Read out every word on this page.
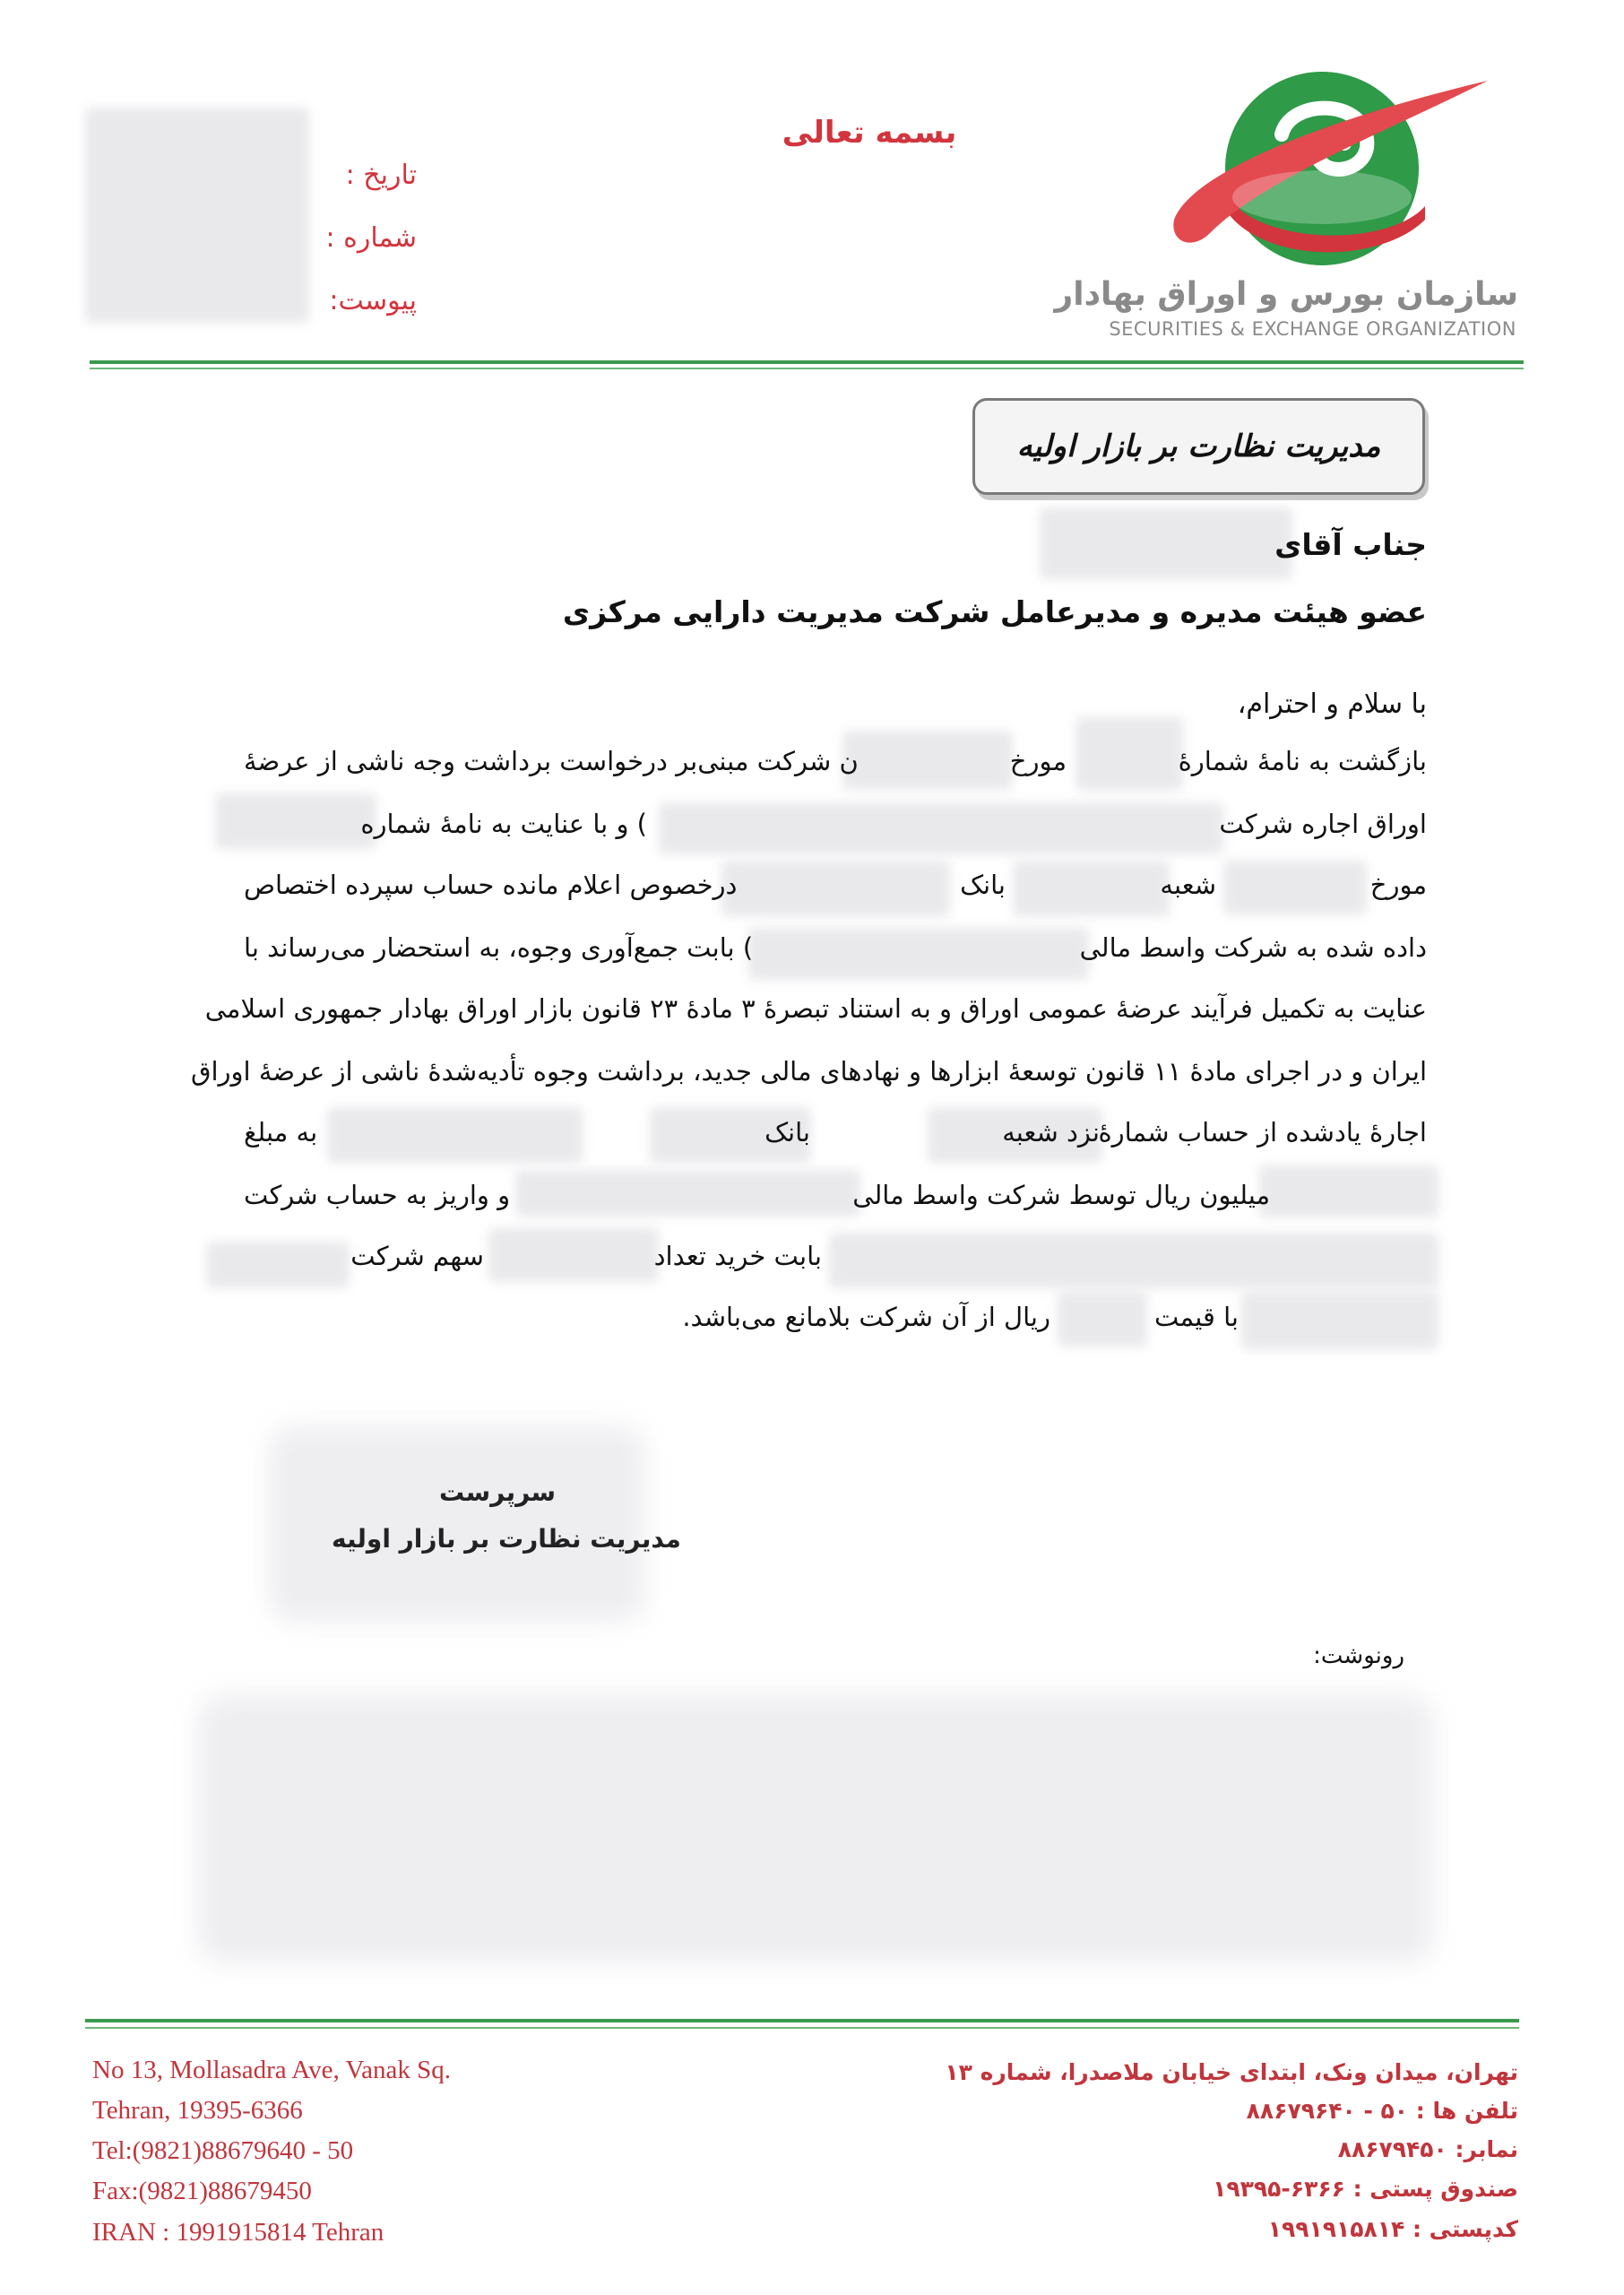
بسمه تعالی
تاریخ :
شماره :
پیوست:	سازمان بورس و اوراق بهادار
SECURITIES & EXCHANGE ORGANIZATION
مدیریت نظارت بر بازار اولیه
جناب آقای
عضو هیئت مدیره و مدیرعامل شرکت مدیریت دارایی مرکزی
با سلام و احترام،
بازگشت به نامهٔ شمارهٔ
مورخ
ن شرکت مبنی‌بر درخواست برداشت وجه ناشی از عرضهٔ
اوراق اجاره شرکت
) و با عنایت به نامهٔ شماره
مورخ
شعبه
بانک
درخصوص اعلام مانده حساب سپرده اختصاص
داده شده به شرکت واسط مالی
) بابت جمع‌آوری وجوه، به استحضار می‌رساند با
عنایت به تکمیل فرآیند عرضهٔ عمومی اوراق و به استناد تبصرهٔ ۳ مادهٔ ۲۳ قانون بازار اوراق بهادار جمهوری اسلامی
ایران و در اجرای مادهٔ ۱۱ قانون توسعهٔ ابزارها و نهادهای مالی جدید، برداشت وجوه تأدیه‌شدهٔ ناشی از عرضهٔ اوراق
اجارهٔ یادشده از حساب شمارهٔ
نزد شعبه
بانک
به مبلغ
میلیون ریال توسط شرکت واسط مالی
و واریز به حساب شرکت
بابت خرید تعداد
سهم شرکت
با قیمت
ریال از آن شرکت بلامانع می‌باشد.
سرپرست
مدیریت نظارت بر بازار اولیه
رونوشت:
No 13, Mollasadra Ave, Vanak Sq.
Tehran, 19395-6366
Tel:(9821)88679640 - 50
Fax:(9821)88679450
IRAN : 1991915814 Tehran
تهران، میدان ونک، ابتدای خیابان ملاصدرا، شماره ۱۳
تلفن ها : ۵۰ - ۸۸۶۷۹۶۴۰
نمابر: ۸۸۶۷۹۴۵۰
صندوق پستی : ۶۳۶۶-۱۹۳۹۵
کدپستی : ۱۹۹۱۹۱۵۸۱۴
